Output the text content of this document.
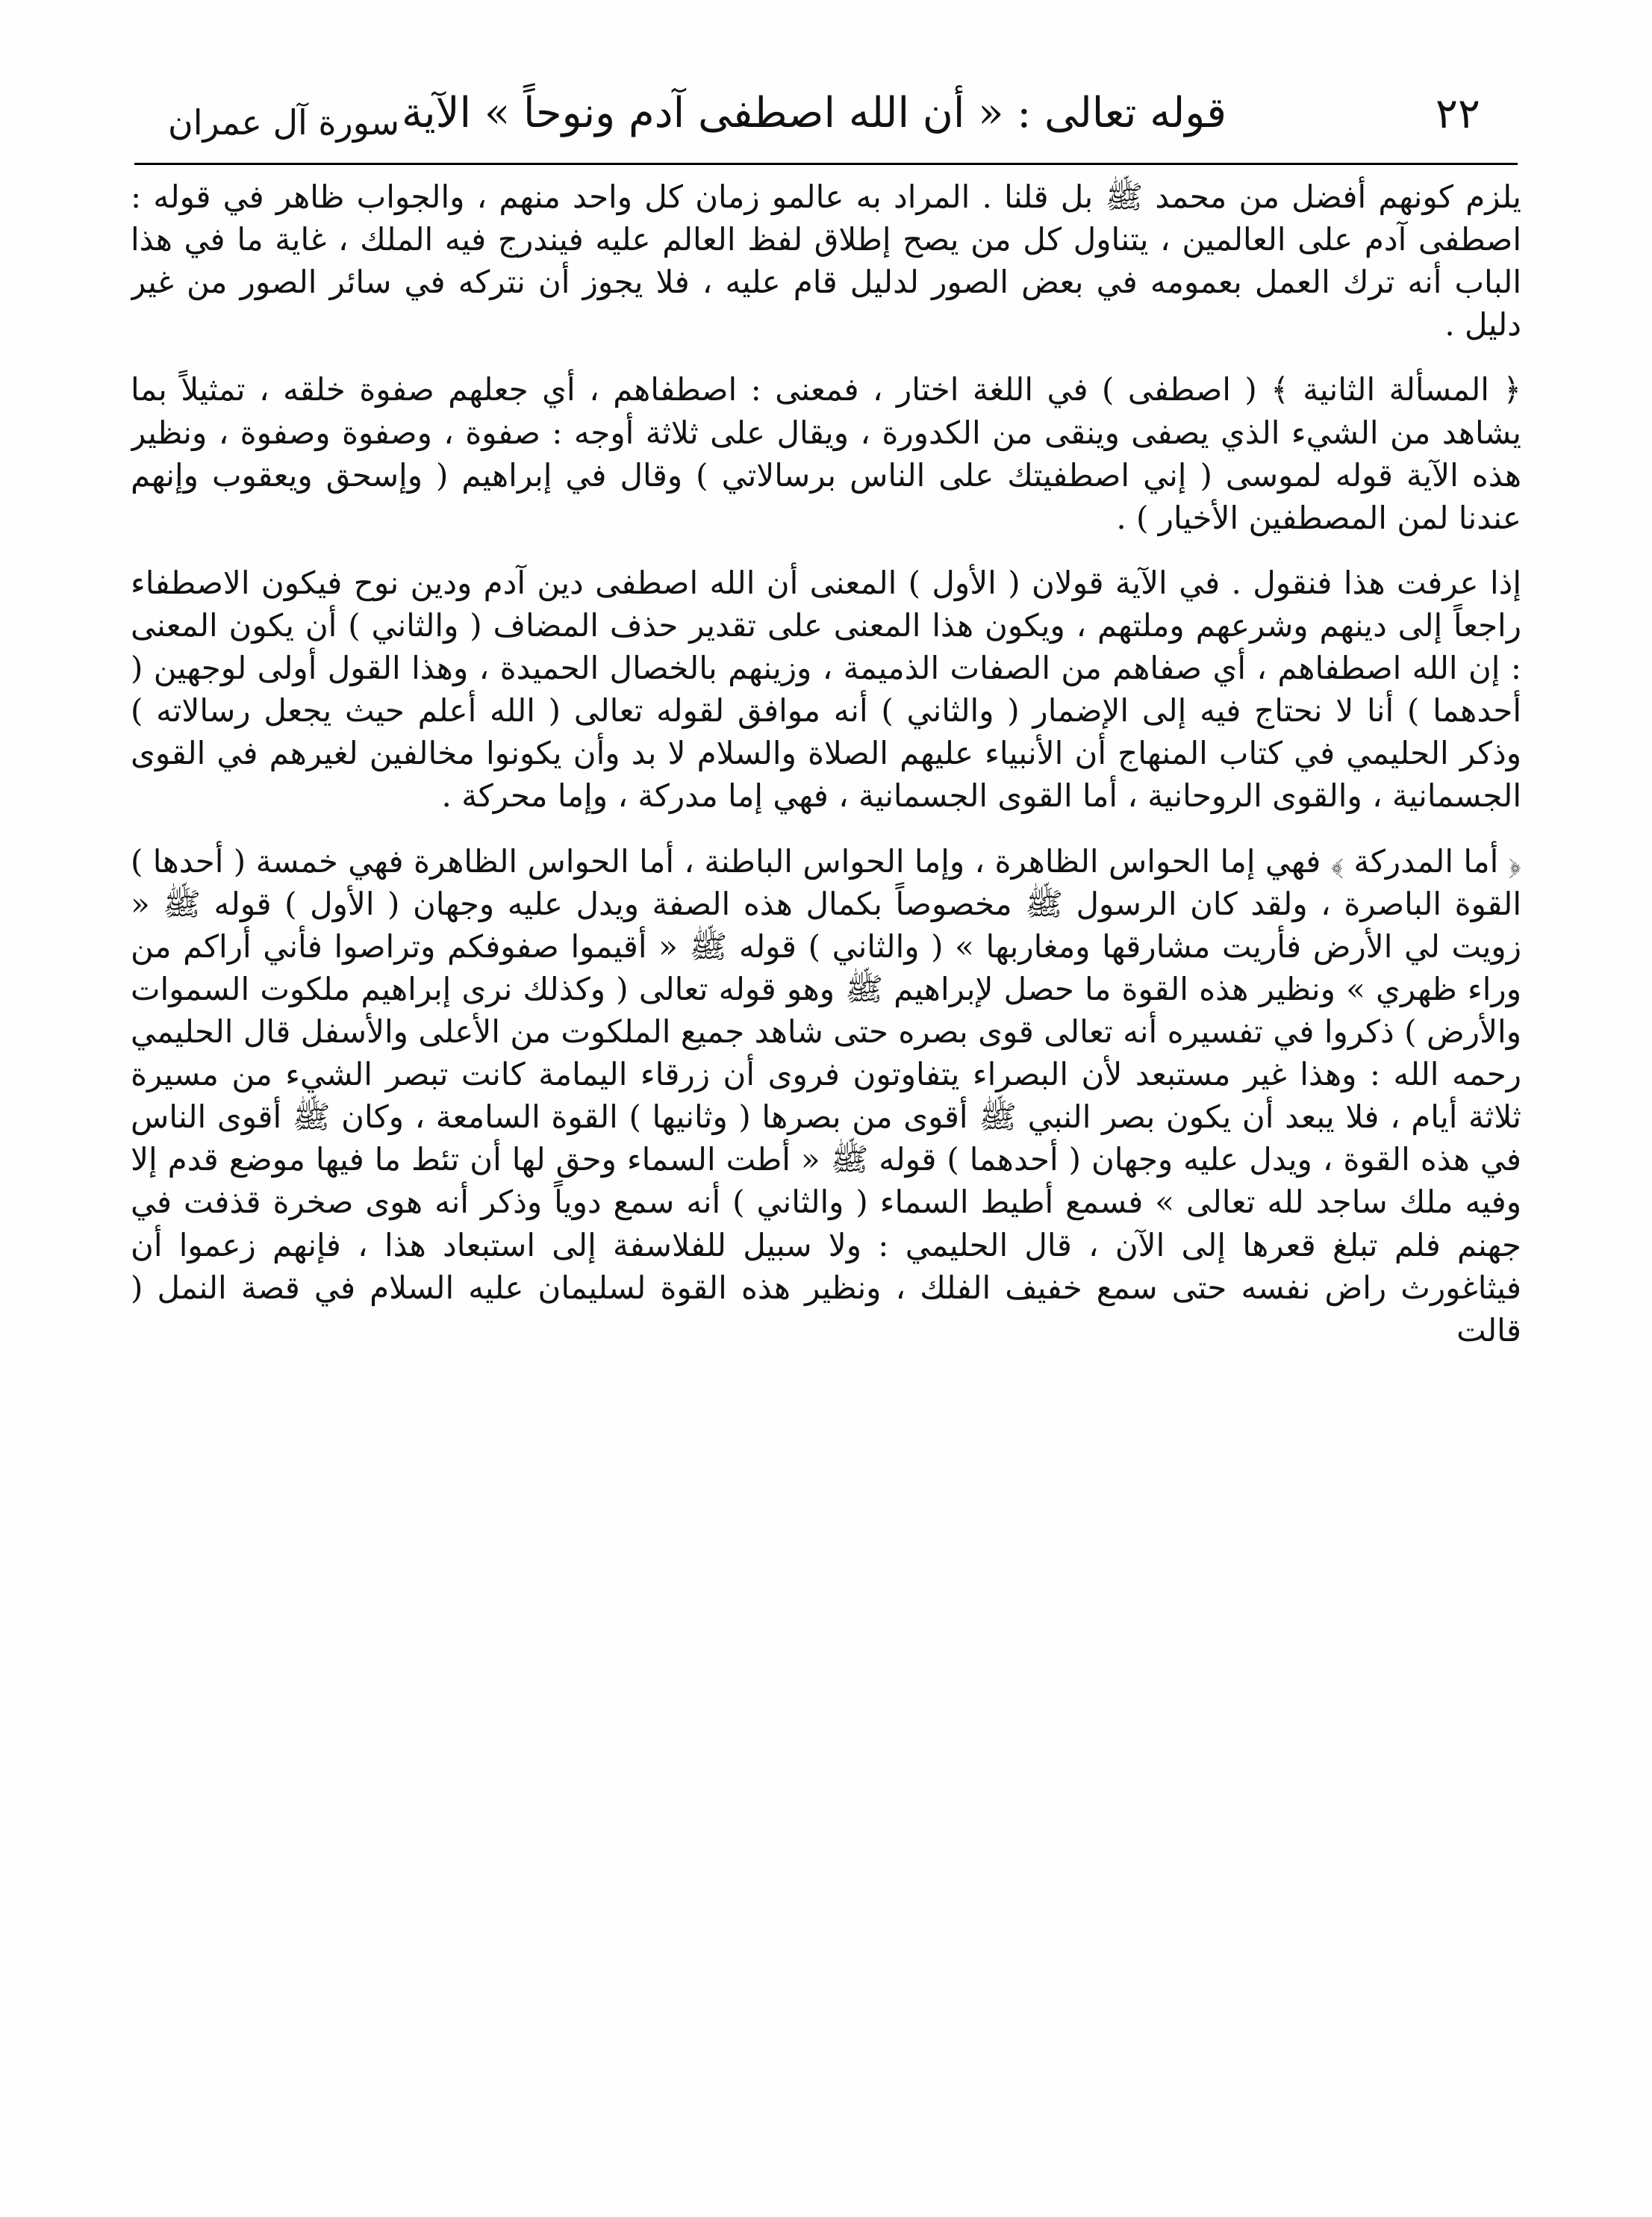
٢٢
قوله تعالى : « أن الله اصطفى آدم ونوحاً » الآية
سورة آل عمران

يلزم كونهم أفضل من محمد ﷺ بل قلنا . المراد به عالمو زمان كل واحد منهم ، والجواب ظاهر في قوله : اصطفى آدم على العالمين ، يتناول كل من يصح إطلاق لفظ العالم عليه فيندرج فيه الملك ، غاية ما في هذا الباب أنه ترك العمل بعمومه في بعض الصور لدليل قام عليه ، فلا يجوز أن نتركه في سائر الصور من غير دليل .

﴿ المسألة الثانية ﴾ ( اصطفى ) في اللغة اختار ، فمعنى : اصطفاهم ، أي جعلهم صفوة خلقه ، تمثيلاً بما يشاهد من الشيء الذي يصفى وينقى من الكدورة ، ويقال على ثلاثة أوجه : صفوة ، وصفوة وصفوة ، ونظير هذه الآية قوله لموسى ( إني اصطفيتك على الناس برسالاتي ) وقال في إبراهيم ( وإسحق ويعقوب وإنهم عندنا لمن المصطفين الأخيار ) .

إذا عرفت هذا فنقول . في الآية قولان ( الأول ) المعنى أن الله اصطفى دين آدم ودين نوح فيكون الاصطفاء راجعاً إلى دينهم وشرعهم وملتهم ، ويكون هذا المعنى على تقدير حذف المضاف ( والثاني ) أن يكون المعنى : إن الله اصطفاهم ، أي صفاهم من الصفات الذميمة ، وزينهم بالخصال الحميدة ، وهذا القول أولى لوجهين ( أحدهما ) أنا لا نحتاج فيه إلى الإضمار ( والثاني ) أنه موافق لقوله تعالى ( الله أعلم حيث يجعل رسالاته ) وذكر الحليمي في كتاب المنهاج أن الأنبياء عليهم الصلاة والسلام لا بد وأن يكونوا مخالفين لغيرهم في القوى الجسمانية ، والقوى الروحانية ، أما القوى الجسمانية ، فهي إما مدركة ، وإما محركة .

﴿ أما المدركة ﴾ فهي إما الحواس الظاهرة ، وإما الحواس الباطنة ، أما الحواس الظاهرة فهي خمسة ( أحدها ) القوة الباصرة ، ولقد كان الرسول ﷺ مخصوصاً بكمال هذه الصفة ويدل عليه وجهان ( الأول ) قوله ﷺ « زويت لي الأرض فأريت مشارقها ومغاربها » ( والثاني ) قوله ﷺ « أقيموا صفوفكم وتراصوا فأني أراكم من وراء ظهري » ونظير هذه القوة ما حصل لإبراهيم ﷺ وهو قوله تعالى ( وكذلك نرى إبراهيم ملكوت السموات والأرض ) ذكروا في تفسيره أنه تعالى قوى بصره حتى شاهد جميع الملكوت من الأعلى والأسفل قال الحليمي رحمه الله : وهذا غير مستبعد لأن البصراء يتفاوتون فروى أن زرقاء اليمامة كانت تبصر الشيء من مسيرة ثلاثة أيام ، فلا يبعد أن يكون بصر النبي ﷺ أقوى من بصرها ( وثانيها ) القوة السامعة ، وكان ﷺ أقوى الناس في هذه القوة ، ويدل عليه وجهان ( أحدهما ) قوله ﷺ « أطت السماء وحق لها أن تئط ما فيها موضع قدم إلا وفيه ملك ساجد لله تعالى » فسمع أطيط السماء ( والثاني ) أنه سمع دوياً وذكر أنه هوى صخرة قذفت في جهنم فلم تبلغ قعرها إلى الآن ، قال الحليمي : ولا سبيل للفلاسفة إلى استبعاد هذا ، فإنهم زعموا أن فيثاغورث راض نفسه حتى سمع خفيف الفلك ، ونظير هذه القوة لسليمان عليه السلام في قصة النمل ( قالت
